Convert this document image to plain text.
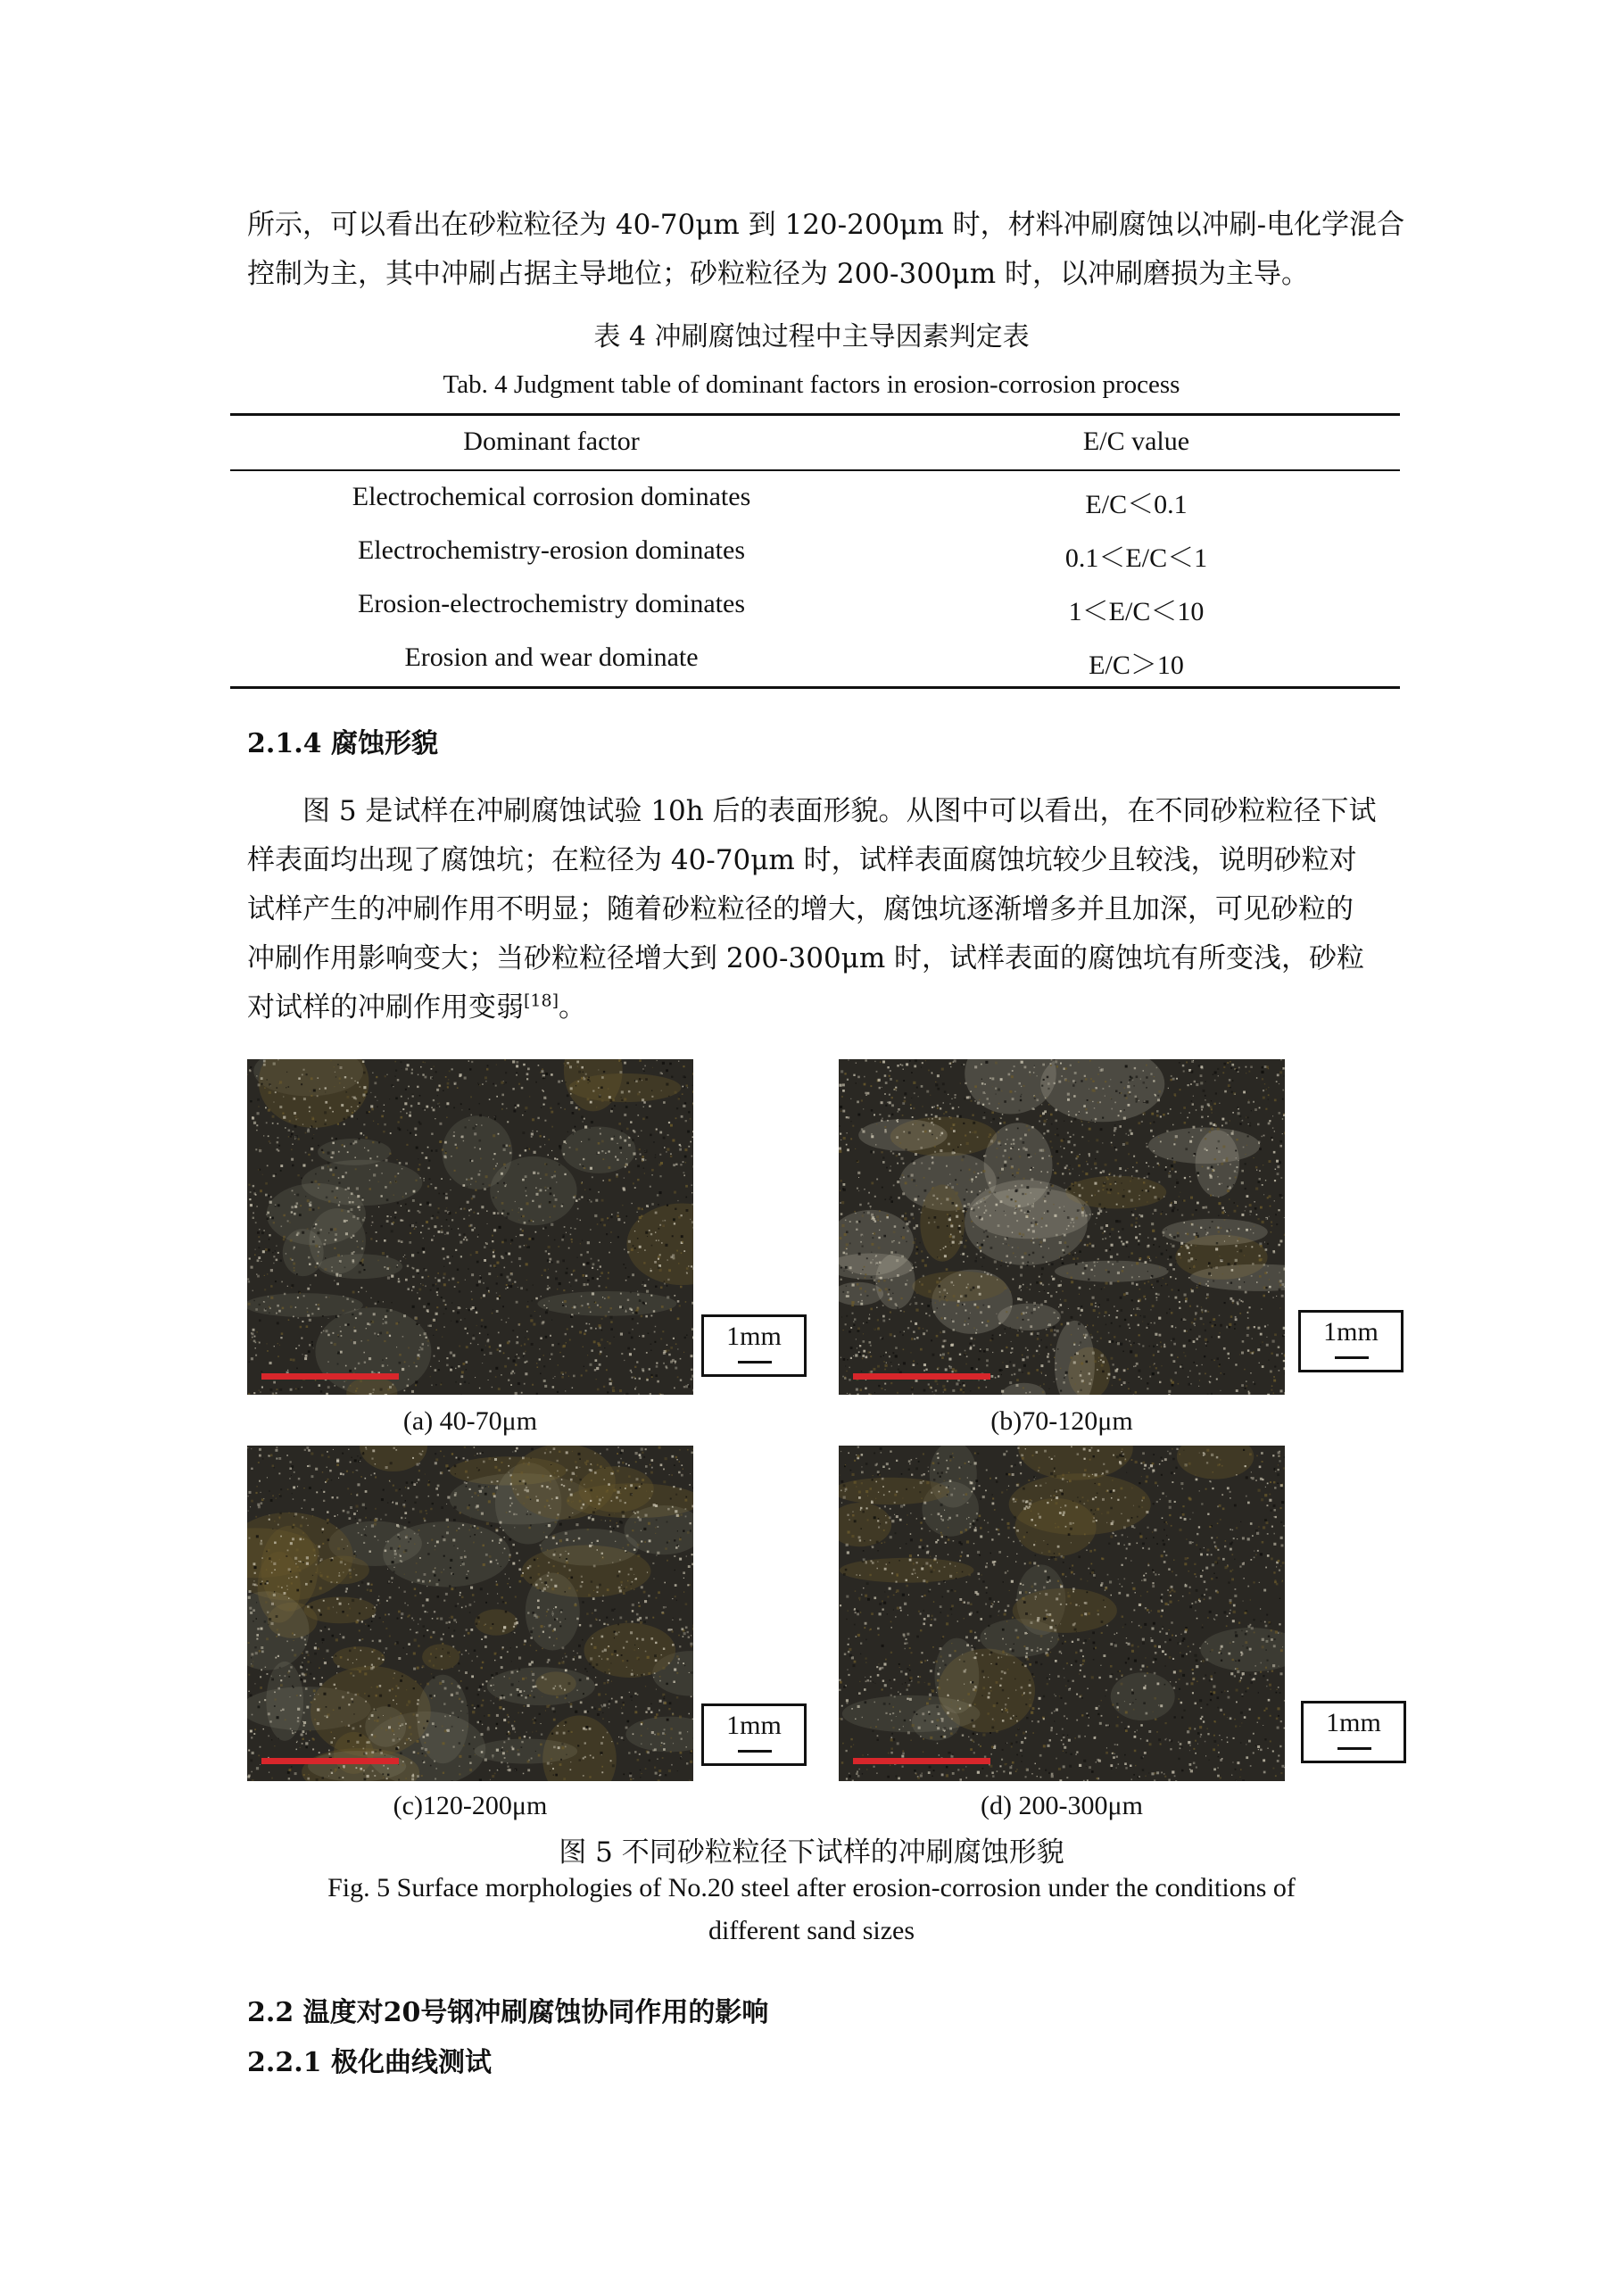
所示，可以看出在砂粒粒径为 40-70μm 到 120-200μm 时，材料冲刷腐蚀以冲刷-电化学混合
控制为主，其中冲刷占据主导地位；砂粒粒径为 200-300μm 时，以冲刷磨损为主导。
表 4 冲刷腐蚀过程中主导因素判定表
Tab. 4 Judgment table of dominant factors in erosion-corrosion process
Dominant factor	E/C value
Electrochemical corrosion dominates	E/C＜0.1
Electrochemistry-erosion dominates	0.1＜E/C＜1
Erosion-electrochemistry dominates	1＜E/C＜10
Erosion and wear dominate	E/C＞10
2.1.4 腐蚀形貌
图 5 是试样在冲刷腐蚀试验 10h 后的表面形貌。从图中可以看出，在不同砂粒粒径下试
样表面均出现了腐蚀坑；在粒径为 40-70μm 时，试样表面腐蚀坑较少且较浅，说明砂粒对
试样产生的冲刷作用不明显；随着砂粒粒径的增大，腐蚀坑逐渐增多并且加深，可见砂粒的
冲刷作用影响变大；当砂粒粒径增大到 200-300μm 时，试样表面的腐蚀坑有所变浅，砂粒
对试样的冲刷作用变弱[18]。
1mm
(a) 40-70μm
1mm
(b)70-120μm
1mm
(c)120-200μm
1mm
(d) 200-300μm
图 5 不同砂粒粒径下试样的冲刷腐蚀形貌
Fig. 5 Surface morphologies of No.20 steel after erosion-corrosion under the conditions of
different sand sizes
2.2 温度对20号钢冲刷腐蚀协同作用的影响
2.2.1 极化曲线测试
